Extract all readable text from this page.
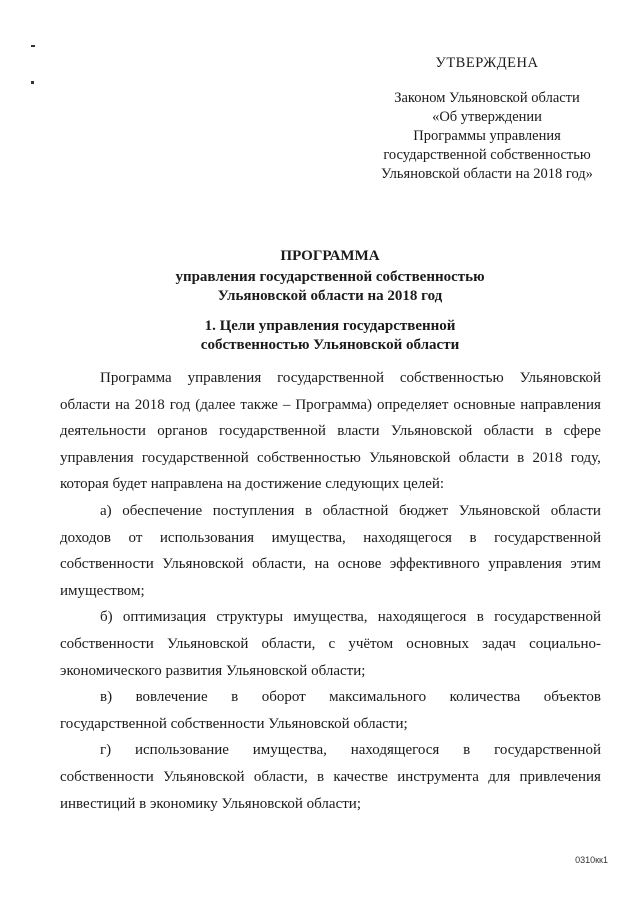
УТВЕРЖДЕНА
Законом Ульяновской области
«Об утверждении
Программы управления
государственной собственностью
Ульяновской области на 2018 год»
ПРОГРАММА
управления государственной собственностью
Ульяновской области на 2018 год
1. Цели управления государственной
собственностью Ульяновской области
Программа управления государственной собственностью Ульяновской
области на 2018 год (далее также – Программа) определяет основные направления
деятельности органов государственной власти Ульяновской области в сфере
управления государственной собственностью Ульяновской области в 2018 году,
которая будет направлена на достижение следующих целей:
а) обеспечение поступления в областной бюджет Ульяновской области
доходов от использования имущества, находящегося в государственной
собственности Ульяновской области, на основе эффективного управления этим
имуществом;
б) оптимизация структуры имущества, находящегося в государственной
собственности Ульяновской области, с учётом основных задач социально-
экономического развития Ульяновской области;
в) вовлечение в оборот максимального количества объектов
государственной собственности Ульяновской области;
г) использование имущества, находящегося в государственной
собственности Ульяновской области, в качестве инструмента для привлечения
инвестиций в экономику Ульяновской области;
0310кк1
